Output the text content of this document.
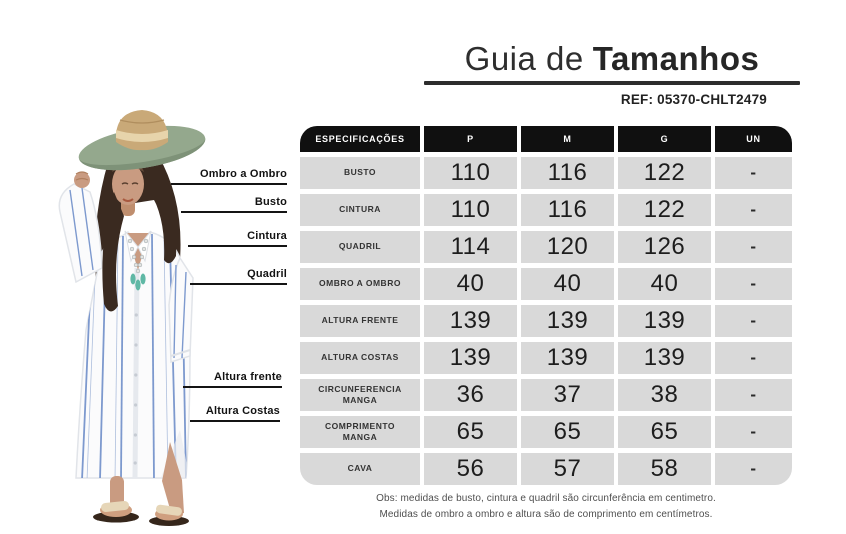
Ombro a Ombro
Busto
Cintura
Quadril
Altura frente
Altura Costas
Guia de Tamanhos
REF: 05370-CHLT2479
ESPECIFICAÇÕES	P	M	G	UN
BUSTO	110	116	122	-
CINTURA	110	116	122	-
QUADRIL	114	120	126	-
OMBRO A OMBRO	40	40	40	-
ALTURA FRENTE	139	139	139	-
ALTURA COSTAS	139	139	139	-
CIRCUNFERENCIA MANGA	36	37	38	-
COMPRIMENTO MANGA	65	65	65	-
CAVA	56	57	58	-
Obs: medidas de busto, cintura e quadril são circunferência em centimetro.
Medidas de ombro a ombro e altura são de comprimento em centímetros.
